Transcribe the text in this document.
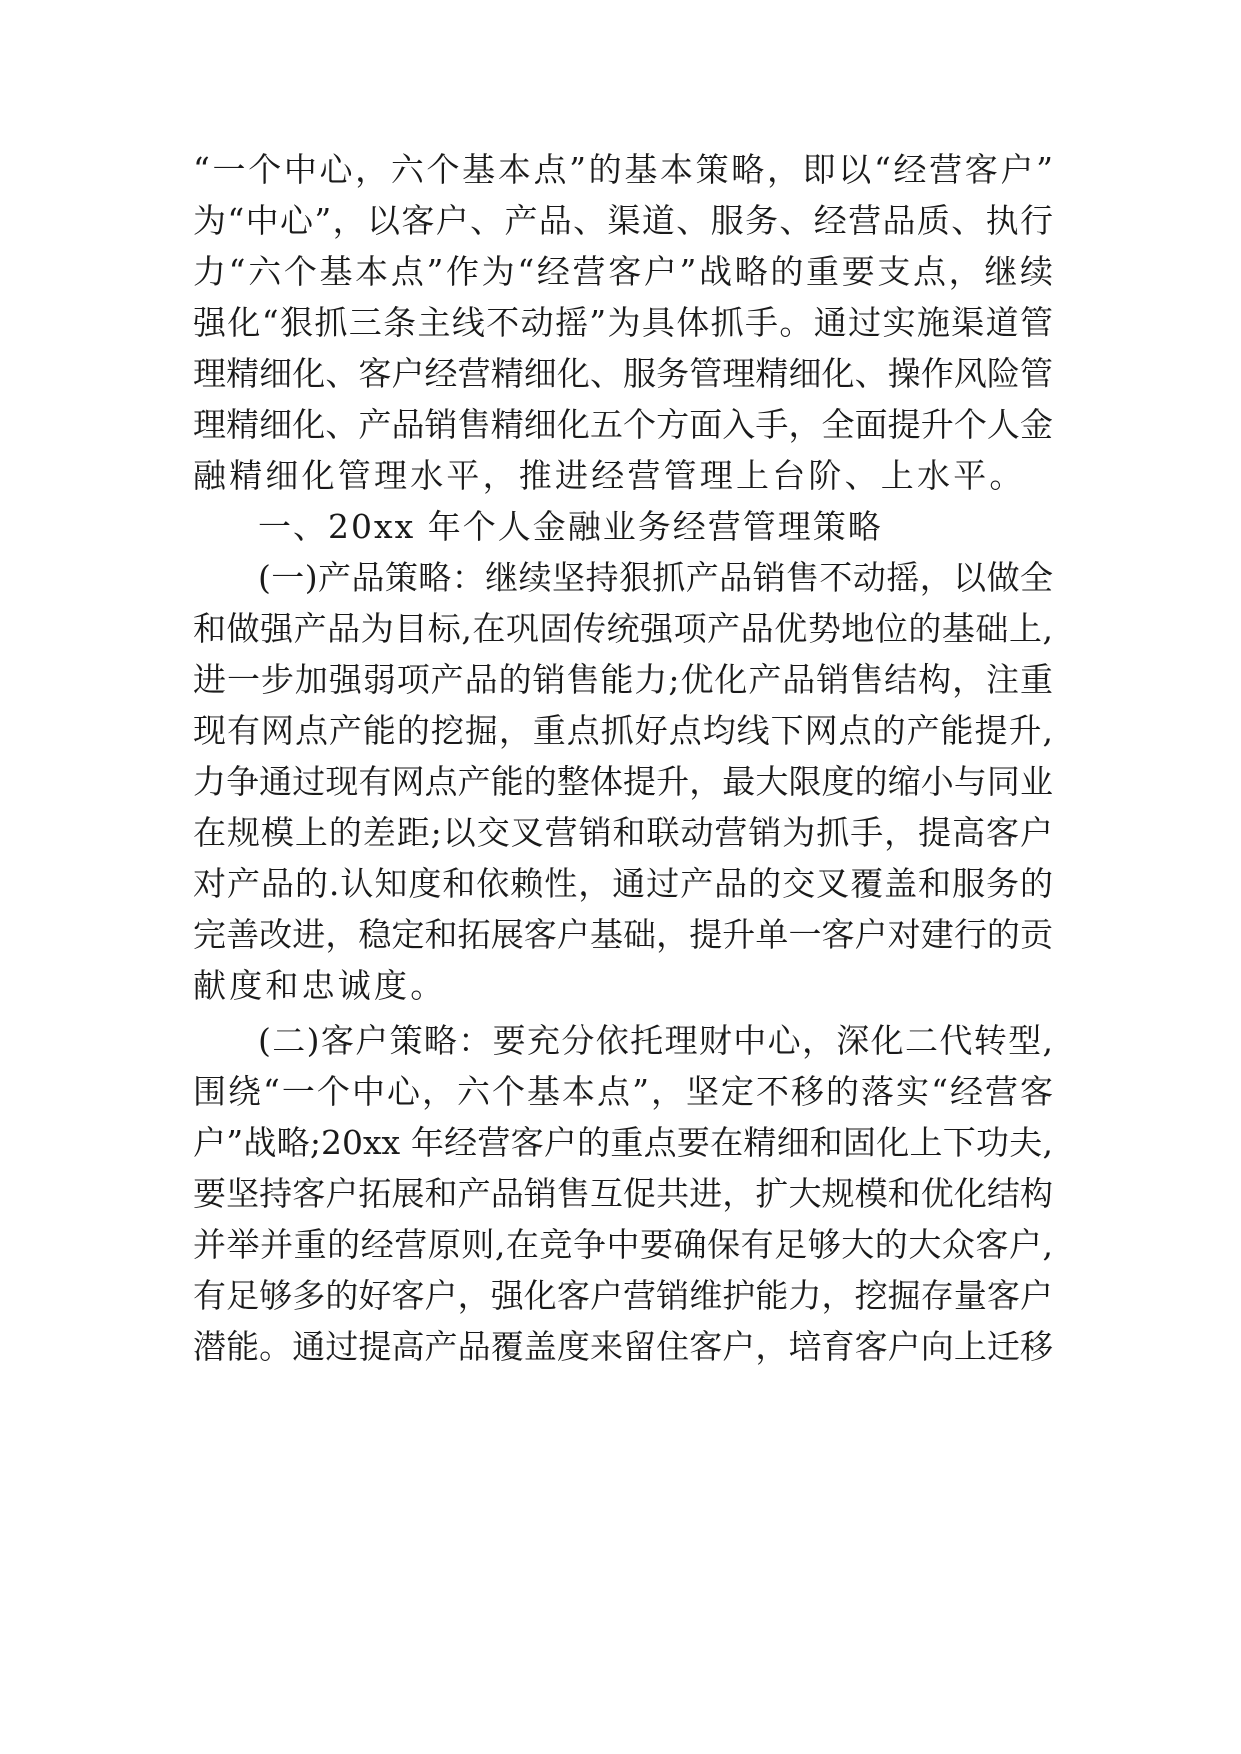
“一个中心，六个基本点”的基本策略，即以“经营客户”
为“中心”，以客户、产品、渠道、服务、经营品质、执行
力“六个基本点”作为“经营客户”战略的重要支点，继续
强化“狠抓三条主线不动摇”为具体抓手。通过实施渠道管
理精细化、客户经营精细化、服务管理精细化、操作风险管
理精细化、产品销售精细化五个方面入手，全面提升个人金
融精细化管理水平，推进经营管理上台阶、上水平。
一、20xx 年个人金融业务经营管理策略
(一)产品策略：继续坚持狠抓产品销售不动摇，以做全
和做强产品为目标,在巩固传统强项产品优势地位的基础上,
进一步加强弱项产品的销售能力;优化产品销售结构，注重
现有网点产能的挖掘，重点抓好点均线下网点的产能提升,
力争通过现有网点产能的整体提升，最大限度的缩小与同业
在规模上的差距;以交叉营销和联动营销为抓手，提高客户
对产品的.认知度和依赖性，通过产品的交叉覆盖和服务的
完善改进，稳定和拓展客户基础，提升单一客户对建行的贡
献度和忠诚度。
(二)客户策略：要充分依托理财中心，深化二代转型,
围绕“一个中心，六个基本点”，坚定不移的落实“经营客
户”战略;20xx 年经营客户的重点要在精细和固化上下功夫,
要坚持客户拓展和产品销售互促共进，扩大规模和优化结构
并举并重的经营原则,在竞争中要确保有足够大的大众客户,
有足够多的好客户，强化客户营销维护能力，挖掘存量客户
潜能。通过提高产品覆盖度来留住客户，培育客户向上迁移
